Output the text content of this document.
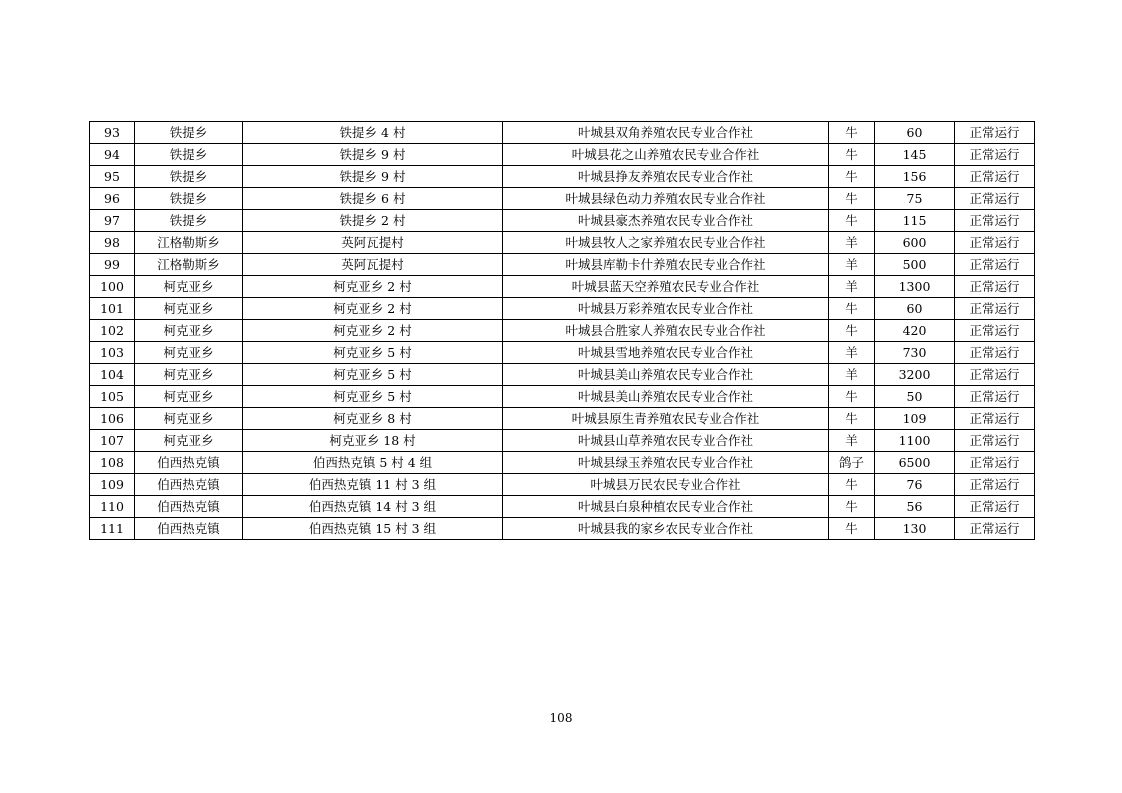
93	铁提乡	铁提乡 4 村	叶城县双角养殖农民专业合作社	牛	60	正常运行
94	铁提乡	铁提乡 9 村	叶城县花之山养殖农民专业合作社	牛	145	正常运行
95	铁提乡	铁提乡 9 村	叶城县挣友养殖农民专业合作社	牛	156	正常运行
96	铁提乡	铁提乡 6 村	叶城县绿色动力养殖农民专业合作社	牛	75	正常运行
97	铁提乡	铁提乡 2 村	叶城县豪杰养殖农民专业合作社	牛	115	正常运行
98	江格勒斯乡	英阿瓦提村	叶城县牧人之家养殖农民专业合作社	羊	600	正常运行
99	江格勒斯乡	英阿瓦提村	叶城县库勒卡什养殖农民专业合作社	羊	500	正常运行
100	柯克亚乡	柯克亚乡 2 村	叶城县蓝天空养殖农民专业合作社	羊	1300	正常运行
101	柯克亚乡	柯克亚乡 2 村	叶城县万彩养殖农民专业合作社	牛	60	正常运行
102	柯克亚乡	柯克亚乡 2 村	叶城县合胜家人养殖农民专业合作社	牛	420	正常运行
103	柯克亚乡	柯克亚乡 5 村	叶城县雪地养殖农民专业合作社	羊	730	正常运行
104	柯克亚乡	柯克亚乡 5 村	叶城县美山养殖农民专业合作社	羊	3200	正常运行
105	柯克亚乡	柯克亚乡 5 村	叶城县美山养殖农民专业合作社	牛	50	正常运行
106	柯克亚乡	柯克亚乡 8 村	叶城县原生青养殖农民专业合作社	牛	109	正常运行
107	柯克亚乡	柯克亚乡 18 村	叶城县山草养殖农民专业合作社	羊	1100	正常运行
108	伯西热克镇	伯西热克镇 5 村 4 组	叶城县绿玉养殖农民专业合作社	鸽子	6500	正常运行
109	伯西热克镇	伯西热克镇 11 村 3 组	叶城县万民农民专业合作社	牛	76	正常运行
110	伯西热克镇	伯西热克镇 14 村 3 组	叶城县白泉种植农民专业合作社	牛	56	正常运行
111	伯西热克镇	伯西热克镇 15 村 3 组	叶城县我的家乡农民专业合作社	牛	130	正常运行
108
